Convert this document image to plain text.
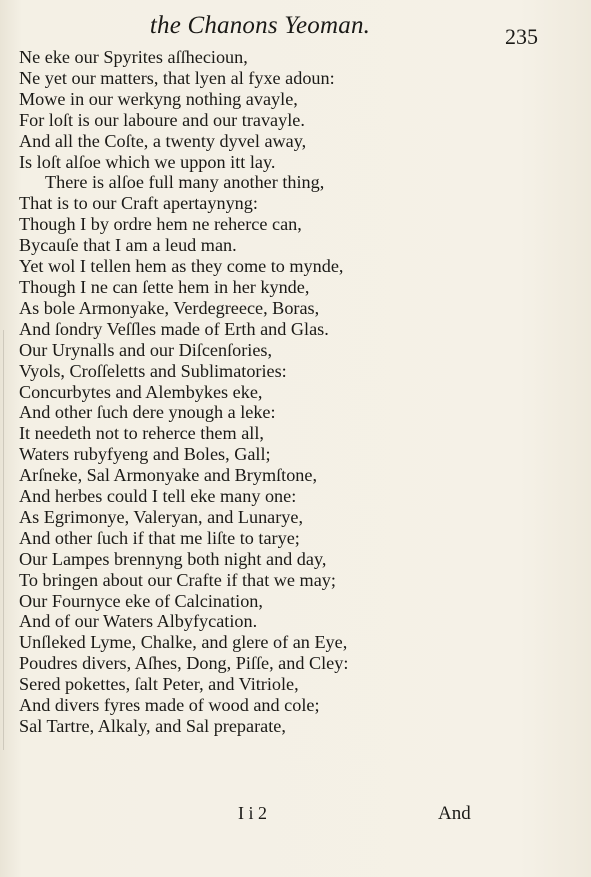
the Chanons Yeoman.	235
Ne eke our Spyrites aſſhecioun,
Ne yet our matters, that lyen al fyxe adoun:
Mowe in our werkyng nothing avayle,
For loſt is our laboure and our travayle.
And all the Coſte, a twenty dyvel away,
Is loſt alſoe which we uppon itt lay.
There is alſoe full many another thing,
That is to our Craft apertaynyng:
Though I by ordre hem ne reherce can,
Bycauſe that I am a leud man.
Yet wol I tellen hem as they come to mynde,
Though I ne can ſette hem in her kynde,
As bole Armonyake, Verdegreece, Boras,
And ſondry Veſſles made of Erth and Glas.
Our Urynalls and our Diſcenſories,
Vyols, Croſſeletts and Sublimatories:
Concurbytes and Alembykes eke,
And other ſuch dere ynough a leke:
It needeth not to reherce them all,
Waters rubyfyeng and Boles, Gall;
Arſneke, Sal Armonyake and Brymſtone,
And herbes could I tell eke many one:
As Egrimonye, Valeryan, and Lunarye,
And other ſuch if that me liſte to tarye;
Our Lampes brennyng both night and day,
To bringen about our Crafte if that we may;
Our Fournyce eke of Calcination,
And of our Waters Albyfycation.
Unſleked Lyme, Chalke, and glere of an Eye,
Poudres divers, Aſhes, Dong, Piſſe, and Cley:
Sered pokettes, ſalt Peter, and Vitriole,
And divers fyres made of wood and cole;
Sal Tartre, Alkaly, and Sal preparate,
I i 2	And
